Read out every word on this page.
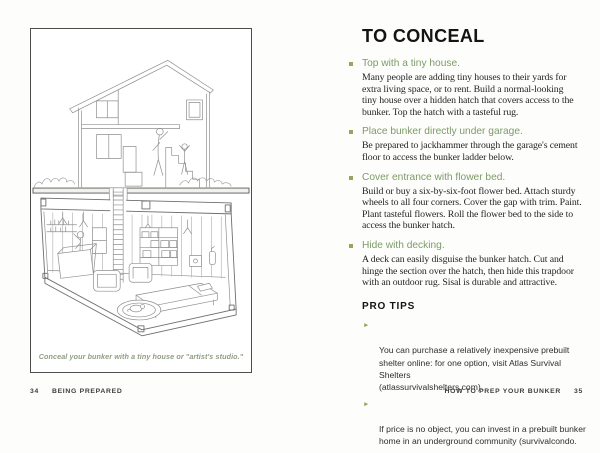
Conceal your bunker with a tiny house or "artist's studio."
34 BEING PREPARED
TO CONCEAL
Top with a tiny house.
Many people are adding tiny houses to their yards for
extra living space, or to rent. Build a normal-looking
tiny house over a hidden hatch that covers access to the
bunker. Top the hatch with a tasteful rug.
Place bunker directly under garage.
Be prepared to jackhammer through the garage's cement
floor to access the bunker ladder below.
Cover entrance with flower bed.
Build or buy a six-by-six-foot flower bed. Attach sturdy
wheels to all four corners. Cover the gap with trim. Paint.
Plant tasteful flowers. Roll the flower bed to the side to
access the bunker hatch.
Hide with decking.
A deck can easily disguise the bunker hatch. Cut and
hinge the section over the hatch, then hide this trapdoor
with an outdoor rug. Sisal is durable and attractive.
PRO TIPS

►

You can purchase a relatively inexpensive prebuilt
shelter online: for one option, visit Atlas Survival Shelters
(atlassurvivalshelters.com).

►

If price is no object, you can invest in a prebuilt bunker
home in an underground community (survivalcondo.

HOW TO PREP YOUR BUNKER 35
